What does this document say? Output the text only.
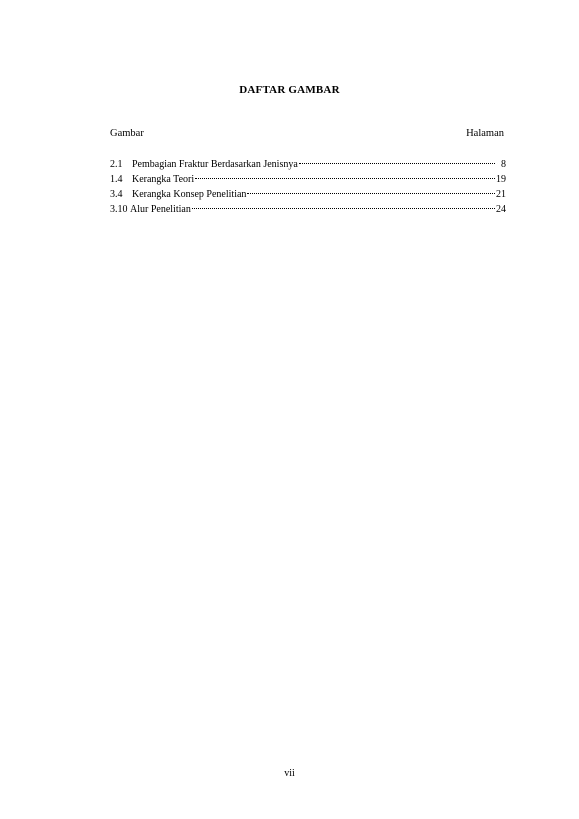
DAFTAR GAMBAR
Gambar	Halaman
2.1 Pembagian Fraktur Berdasarkan Jenisnya	8
1.4 Kerangka Teori	19
3.4 Kerangka Konsep Penelitian	21
3.10 Alur Penelitian	24
vii
